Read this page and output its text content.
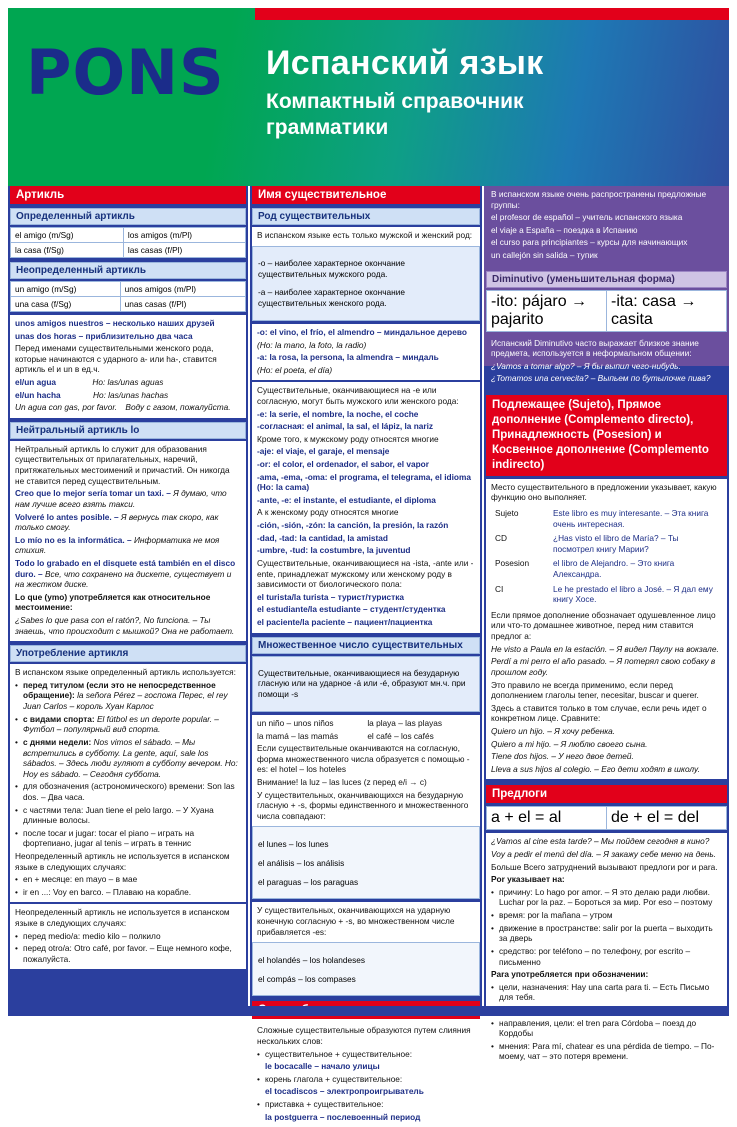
PONS	Испанский язык
Компактный справочник
грамматики
Артикль
Определенный артикль
el amigo (m/Sg)	los amigos (m/Pl)
la casa (f/Sg)	las casas (f/Pl)
Неопределенный артикль
un amigo (m/Sg)	unos amigos (m/Pl)
una casa (f/Sg)	unas casas (f/Pl)

unos amigos nuestros – несколько наших друзей

unas dos horas – приблизительно два часа

Перед именами существительными женского рода, которые начинаются с ударного a- или ha-, ставится артикль el и un в ед.ч.

el/un agua	Но: las/unas aguas

el/un hacha	Но: las/unas hachas

Un agua con gas, por favor. Воду с газом, пожалуйста.

Нейтральный артикль lo

Нейтральный артикль lo служит для образования существительных от прилагательных, наречий, притяжательных местоимений и причастий. Он никогда не ставится перед существительным.

Creo que lo mejor sería tomar un taxi. – Я думаю, что нам лучше всего взять такси.

Volveré lo antes posible. – Я вернусь так скоро, как только смогу.

Lo mío no es la informática. – Информатика не моя стихия.

Todo lo grabado en el disquete está también en el disco duro. – Все, что сохранено на дискете, существует и на жестком диске.

Lo que (уmo) употребляется как относительное местоимение:

¿Sabes lo que pasa con el ratón?, No funciona. – Ты знаешь, что происходит с мышкой? Она не работает.

Употребление артикля

В испанском языке определенный артикль используется:

• перед титулом (если это не непосредственное обращение): la señora Pérez – госпожа Перес, el rey Juan Carlos – король Хуан Карлос

• с видами спорта: El fútbol es un deporte popular. – Футбол – популярный вид спорта.

• с днями недели: Nos vimos el sábado. – Мы встретились в субботу. La gente, aquí, sale los sábados. – Здесь люди гуляют в субботу вечером. Но: Hoy es sábado. – Сегодня суббота.

• для обозначения (астрономического) времени: Son las dos. – Два часа.

• с частями тела: Juan tiene el pelo largo. – У Хуана длинные волосы.

• после tocar и jugar: tocar el piano – играть на фортепиано, jugar al tenis – играть в теннис

Неопределенный артикль не используется в испанском языке в следующих случаях:

• en + месяце: en mayo – в мае

• ir en ...: Voy en barco. – Плаваю на корабле.

Неопределенный артикль не используется в испанском языке в следующих случаях:

• перед medio/a: medio kilo – полкило

• перед otro/a: Otro café, por favor. – Еще немного кофе, пожалуйста.

Имя существительное
Род существительных

В испанском языке есть только мужской и женский род:

-o – наиболее характерное окончание существительных мужского рода.

-a – наиболее характерное окончание существительных женского рода.

-o: el vino, el frío, el almendro – миндальное дерево

(Но: la mano, la foto, la radio)

-a: la rosa, la persona, la almendra – миндаль

(Но: el poeta, el día)

Существительные, оканчивающиеся на -e или согласную, могут быть мужского или женского рода:

-e: la serie, el nombre, la noche, el coche

-согласная: el animal, la sal, el lápiz, la nariz

Кроме того, к мужскому роду относятся многие

-aje: el viaje, el garaje, el mensaje

-or: el color, el ordenador, el sabor, el vapor

-ama, -ema, -oma: el programa, el telegrama, el idioma (Но: la cama)

-ante, -e: el instante, el estudiante, el diploma

А к женскому роду относятся многие

-ción, -sión, -zón: la canción, la presión, la razón

-dad, -tad: la cantidad, la amistad

-umbre, -tud: la costumbre, la juventud

Существительные, оканчивающиеся на -ista, -ante или -ente, принадлежат мужскому или женскому роду в зависимости от биологического пола:

el turista/la turista – турист/туристка

el estudiante/la estudiante – студент/студентка

el paciente/la paciente – пациент/пациентка

Множественное число существительных

Существительные, оканчивающиеся на безударную гласную или на ударное -á или -é, образуют мн.ч. при помощи -s

un niño – unos niños	la playa – las playas

la mamá – las mamás	el café – los cafés

Если существительные оканчиваются на согласную, форма множественного числа образуется с помощью -es: el hotel – los hoteles

Внимание! la luz – las luces (z перед e/i → c)

У существительных, оканчивающихся на безударную гласную + -s, формы единственного и множественного числа совпадают:

el lunes – los lunes

el análisis – los análisis

el paraguas – los paraguas

У существительных, оканчивающихся на ударную конечную согласную + -s, во множественном числе прибавляется -es:

el holandés – los holandeses

el compás – los compases

Сложные существительные образуются путем слияния нескольких слов:

• существительное + существительное:

le bocacalle – начало улицы

• корень глагола + существительное:

el tocadiscos – электропроигрыватель

• приставка + существительное:

la postguerra – послевоенный период

В испанском языке очень распространены предложные группы:

el profesor de español – учитель испанского языка

el viaje a España – поездка в Испанию

el curso para principiantes – курсы для начинающих

un callejón sin salida – тупик

Diminutivo (уменьшительная форма)
-ito: pájaro → pajarito
-ita: casa → casita

Испанский Diminutivo часто выражает близкое знание предмета, используется в неформальном общении:

¿Vamos a tomar algo? – Я бы выпил чего-нибудь.

¿Tomamos una cervecita? – Выпьем по бутылочке пива?

Подлежащее (Sujeto), Прямое дополнение (Complemento directo), Принадлежность (Posesion) и Косвенное дополнение (Complemento indirecto)

Место существительного в предложении указывает, какую функцию оно выполняет.

Sujeto	Este libro es muy interesante. – Эта книга очень интересная.
CD	¿Has visto el libro de María? – Ты посмотрел книгу Марии?
Posesion	el libro de Alejandro. – Это книга Александра.
CI	Le he prestado el libro a José. – Я дал ему книгу Хосе.

Если прямое дополнение обозначает одушевленное лицо или что-то домашнее животное, перед ним ставится предлог a:

He visto a Paula en la estación. – Я видел Паулу на вокзале.

Perdí a mi perro el año pasado. – Я потерял свою собаку в прошлом году.

Это правило не всегда применимо, если перед дополнением глаголы tener, necesitar, buscar и querer.

Здесь a ставится только в том случае, если речь идет о конкретном лице. Сравните:

Quiero un hijo. – Я хочу ребенка.

Quiero a mi hijo. – Я люблю своего сына.

Tiene dos hijos. – У него двое детей.

Lleva a sus hijos al colegio. – Его дети ходят в школу.

Предлоги
a + el = al	de + el = del

¿Vamos al cine esta tarde? – Мы пойдем сегодня в кино?

Voy a pedir el menú del día. – Я закажу себе меню на день.

Больше Всего затруднений вызывают предлоги por и para.

Por указывает на:

• причину: Lo hago por amor. – Я это делаю ради любви. Luchar por la paz. – Бороться за мир. Por eso – поэтому

• время: por la mañana – утром

• движение в пространстве: salir por la puerta – выходить за дверь

• средство: por teléfono – по телефону, por escrito – письменно

Para употребляется при обозначении:

• цели, назначения: Hay una carta para ti. – Есть Письмо для тебя.

•

• направления, цели: el tren para Córdoba – поезд до Кордобы

• мнения: Para mí, chatear es una pérdida de tiempo. – По-моему, чат – это потеря времени.
